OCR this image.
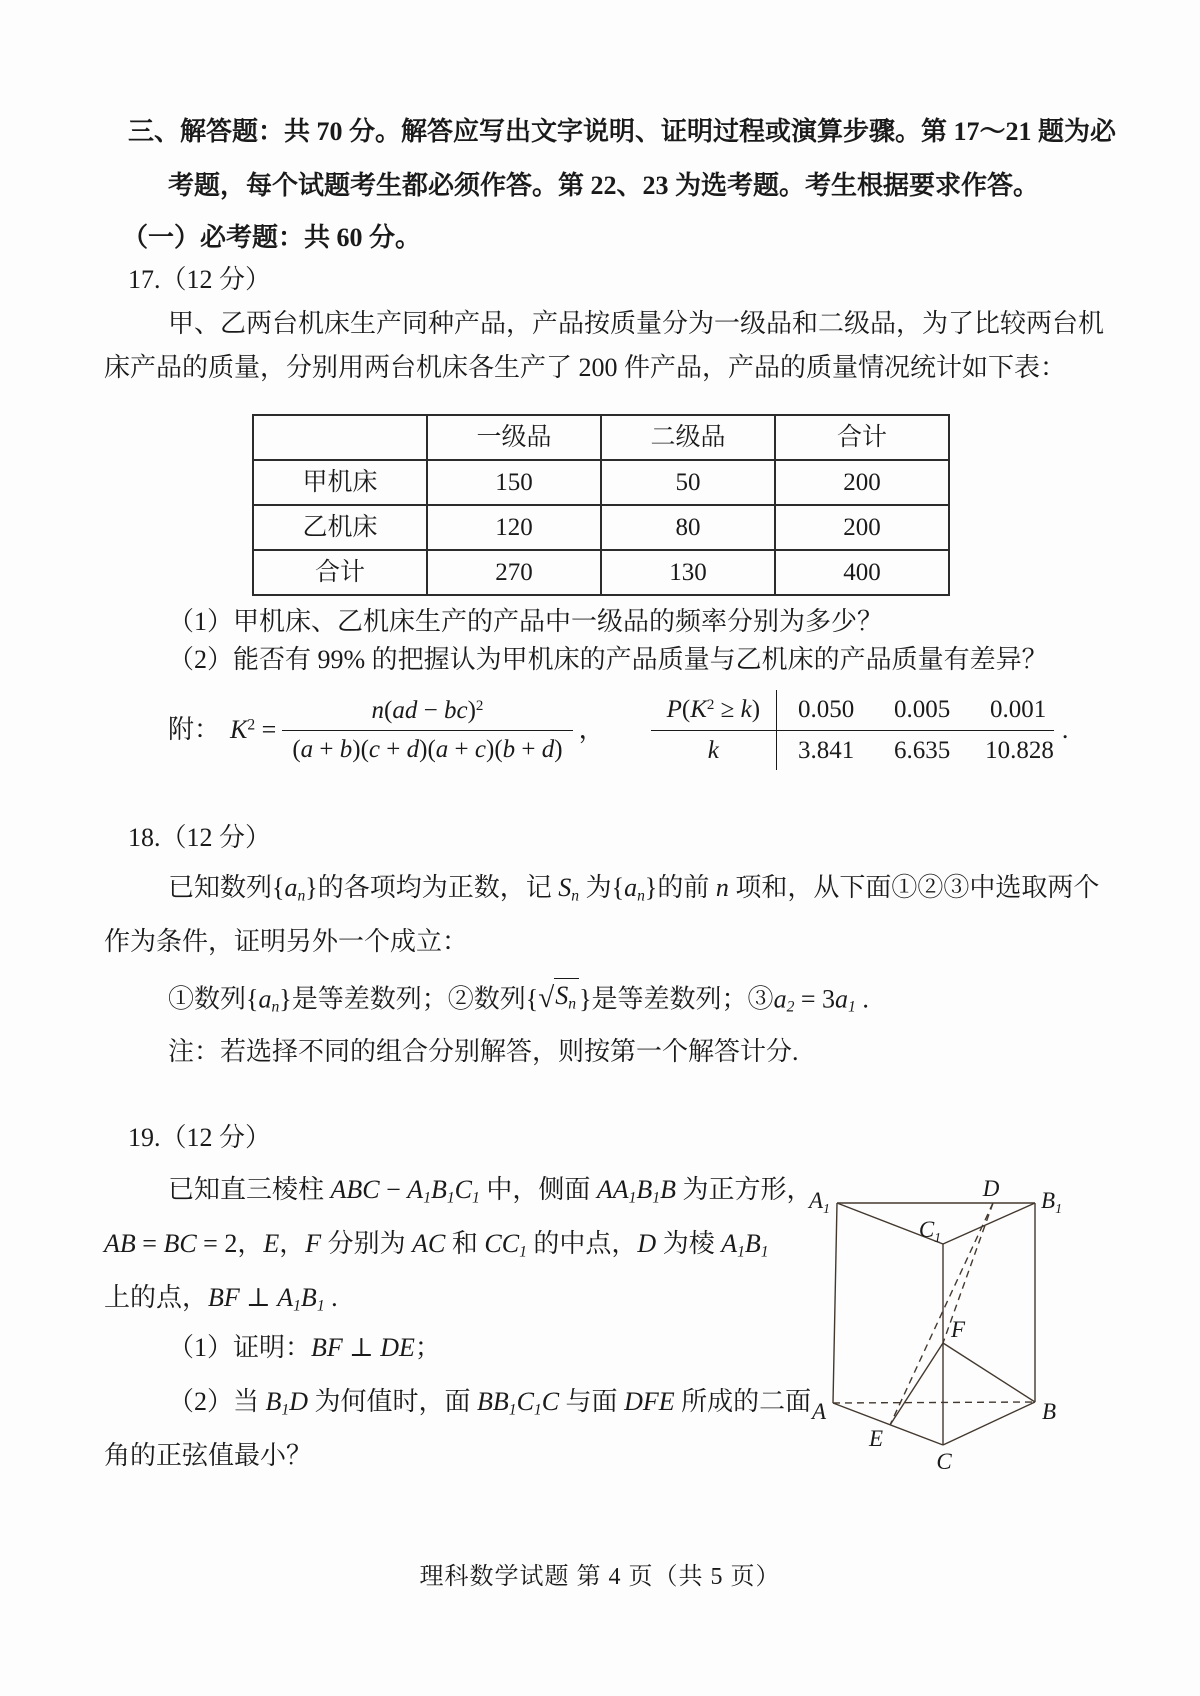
三、解答题：共 70 分。解答应写出文字说明、证明过程或演算步骤。第 17～21 题为必
考题，每个试题考生都必须作答。第 22、23 为选考题。考生根据要求作答。
（一）必考题：共 60 分。
17.（12 分）
甲、乙两台机床生产同种产品，产品按质量分为一级品和二级品，为了比较两台机
床产品的质量，分别用两台机床各生产了 200 件产品，产品的质量情况统计如下表：
	一级品	二级品	合计
甲机床	150	50	200
乙机床	120	80	200
合计	270	130	400
（1）甲机床、乙机床生产的产品中一级品的频率分别为多少？
（2）能否有 99% 的把握认为甲机床的产品质量与乙机床的产品质量有差异？
附： $K^2 = \frac{n(ad - bc)^2}{(a + b)(c + d)(a + c)(b + d)}$ ，
$P(K^2 \ge k)$	0.050 0.005 0.001
k	3.841 6.635 10.828
.
18.（12 分）
已知数列{an}的各项均为正数，记 Sn 为{an}的前 n 项和，从下面①②③中选取两个
作为条件，证明另外一个成立：
①数列{an}是等差数列；②数列{ √ Sn }是等差数列；③a2 = 3a1 .
注：若选择不同的组合分别解答，则按第一个解答计分.
19.（12 分）
已知直三棱柱 ABC − A1B1C1 中，侧面 AA1B1B 为正方形，
AB = BC = 2，E，F 分别为 AC 和 CC1 的中点，D 为棱 A1B1
上的点，BF ⊥ A1B1 .
（1）证明：BF ⊥ DE；
（2）当 B1D 为何值时，面 BB1C1C 与面 DFE 所成的二面
角的正弦值最小？
$A_1$	$B_1$
$C_1$
D
F
A	B
E
C
理科数学试题 第 4 页（共 5 页）
